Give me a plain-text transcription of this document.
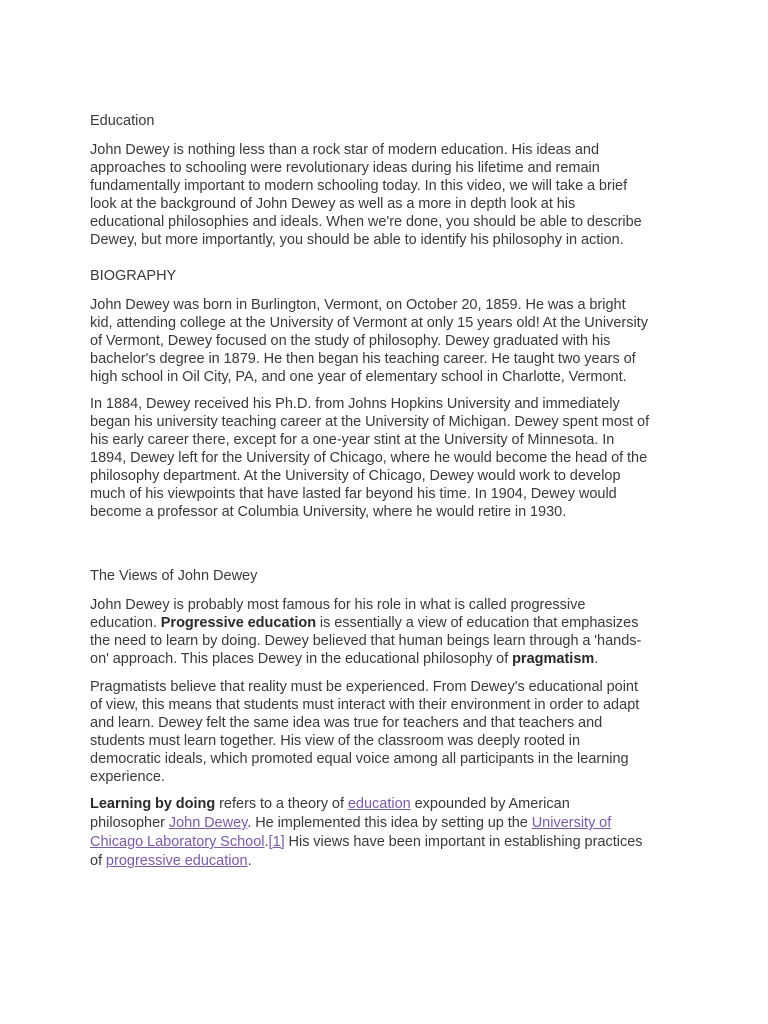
Education
John Dewey is nothing less than a rock star of modern education. His ideas and
approaches to schooling were revolutionary ideas during his lifetime and remain
fundamentally important to modern schooling today. In this video, we will take a brief
look at the background of John Dewey as well as a more in depth look at his
educational philosophies and ideals. When we're done, you should be able to describe
Dewey, but more importantly, you should be able to identify his philosophy in action.
BIOGRAPHY
John Dewey was born in Burlington, Vermont, on October 20, 1859. He was a bright
kid, attending college at the University of Vermont at only 15 years old! At the University
of Vermont, Dewey focused on the study of philosophy. Dewey graduated with his
bachelor's degree in 1879. He then began his teaching career. He taught two years of
high school in Oil City, PA, and one year of elementary school in Charlotte, Vermont.
In 1884, Dewey received his Ph.D. from Johns Hopkins University and immediately
began his university teaching career at the University of Michigan. Dewey spent most of
his early career there, except for a one-year stint at the University of Minnesota. In
1894, Dewey left for the University of Chicago, where he would become the head of the
philosophy department. At the University of Chicago, Dewey would work to develop
much of his viewpoints that have lasted far beyond his time. In 1904, Dewey would
become a professor at Columbia University, where he would retire in 1930.
The Views of John Dewey
John Dewey is probably most famous for his role in what is called progressive
education. Progressive education is essentially a view of education that emphasizes
the need to learn by doing. Dewey believed that human beings learn through a 'hands-
on' approach. This places Dewey in the educational philosophy of pragmatism.
Pragmatists believe that reality must be experienced. From Dewey's educational point
of view, this means that students must interact with their environment in order to adapt
and learn. Dewey felt the same idea was true for teachers and that teachers and
students must learn together. His view of the classroom was deeply rooted in
democratic ideals, which promoted equal voice among all participants in the learning
experience.
Learning by doing refers to a theory of education expounded by American
philosopher John Dewey. He implemented this idea by setting up the University of
Chicago Laboratory School.[1] His views have been important in establishing practices
of progressive education.
